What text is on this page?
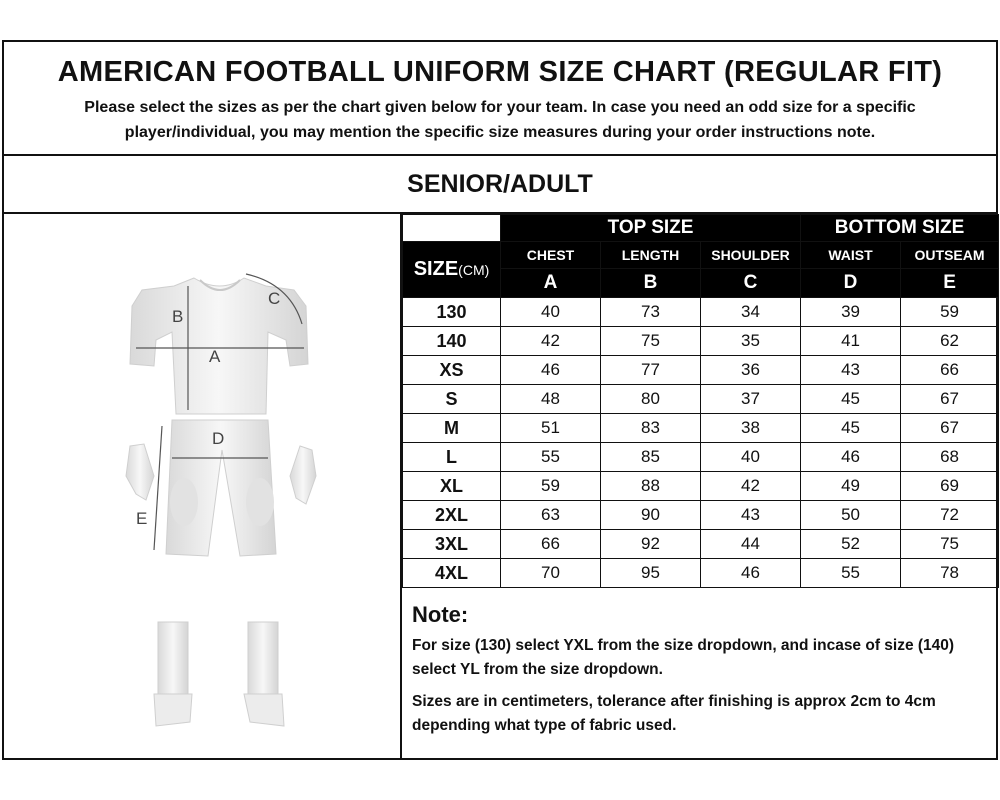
AMERICAN FOOTBALL UNIFORM SIZE CHART (REGULAR FIT)
Please select the sizes as per the chart given below for your team. In case you need an odd size for a specific player/individual, you may mention the specific size measures during your order instructions note.
SENIOR/ADULT
B
A
C
D
E
	TOP SIZE			BOTTOM SIZE	
SIZE(CM)	CHEST	LENGTH	SHOULDER	WAIST	OUTSEAM
	A	B	C	D	E
130	40	73	34	39	59
140	42	75	35	41	62
XS	46	77	36	43	66
S	48	80	37	45	67
M	51	83	38	45	67
L	55	85	40	46	68
XL	59	88	42	49	69
2XL	63	90	43	50	72
3XL	66	92	44	52	75
4XL	70	95	46	55	78
Note:

For size (130) select YXL from the size dropdown, and incase of size (140) select YL from the size dropdown.

Sizes are in centimeters, tolerance after finishing is approx 2cm to 4cm depending what type of fabric used.
